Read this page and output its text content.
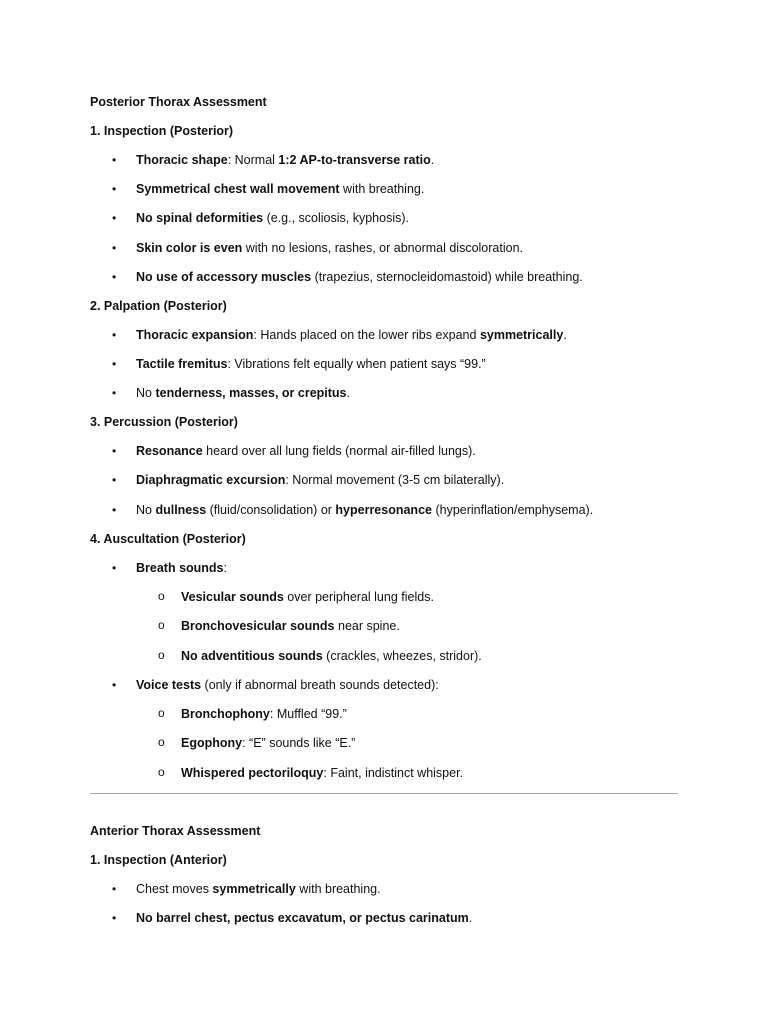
Posterior Thorax Assessment
1. Inspection (Posterior)
• Thoracic shape: Normal 1:2 AP-to-transverse ratio.
• Symmetrical chest wall movement with breathing.
• No spinal deformities (e.g., scoliosis, kyphosis).
• Skin color is even with no lesions, rashes, or abnormal discoloration.
• No use of accessory muscles (trapezius, sternocleidomastoid) while breathing.
2. Palpation (Posterior)
• Thoracic expansion: Hands placed on the lower ribs expand symmetrically.
• Tactile fremitus: Vibrations felt equally when patient says “99.”
• No tenderness, masses, or crepitus.
3. Percussion (Posterior)
• Resonance heard over all lung fields (normal air-filled lungs).
• Diaphragmatic excursion: Normal movement (3-5 cm bilaterally).
• No dullness (fluid/consolidation) or hyperresonance (hyperinflation/emphysema).
4. Auscultation (Posterior)
• Breath sounds:
o Vesicular sounds over peripheral lung fields.
o Bronchovesicular sounds near spine.
o No adventitious sounds (crackles, wheezes, stridor).
• Voice tests (only if abnormal breath sounds detected):
o Bronchophony: Muffled “99.”
o Egophony: “E” sounds like “E.”
o Whispered pectoriloquy: Faint, indistinct whisper.
Anterior Thorax Assessment
1. Inspection (Anterior)
• Chest moves symmetrically with breathing.
• No barrel chest, pectus excavatum, or pectus carinatum.
